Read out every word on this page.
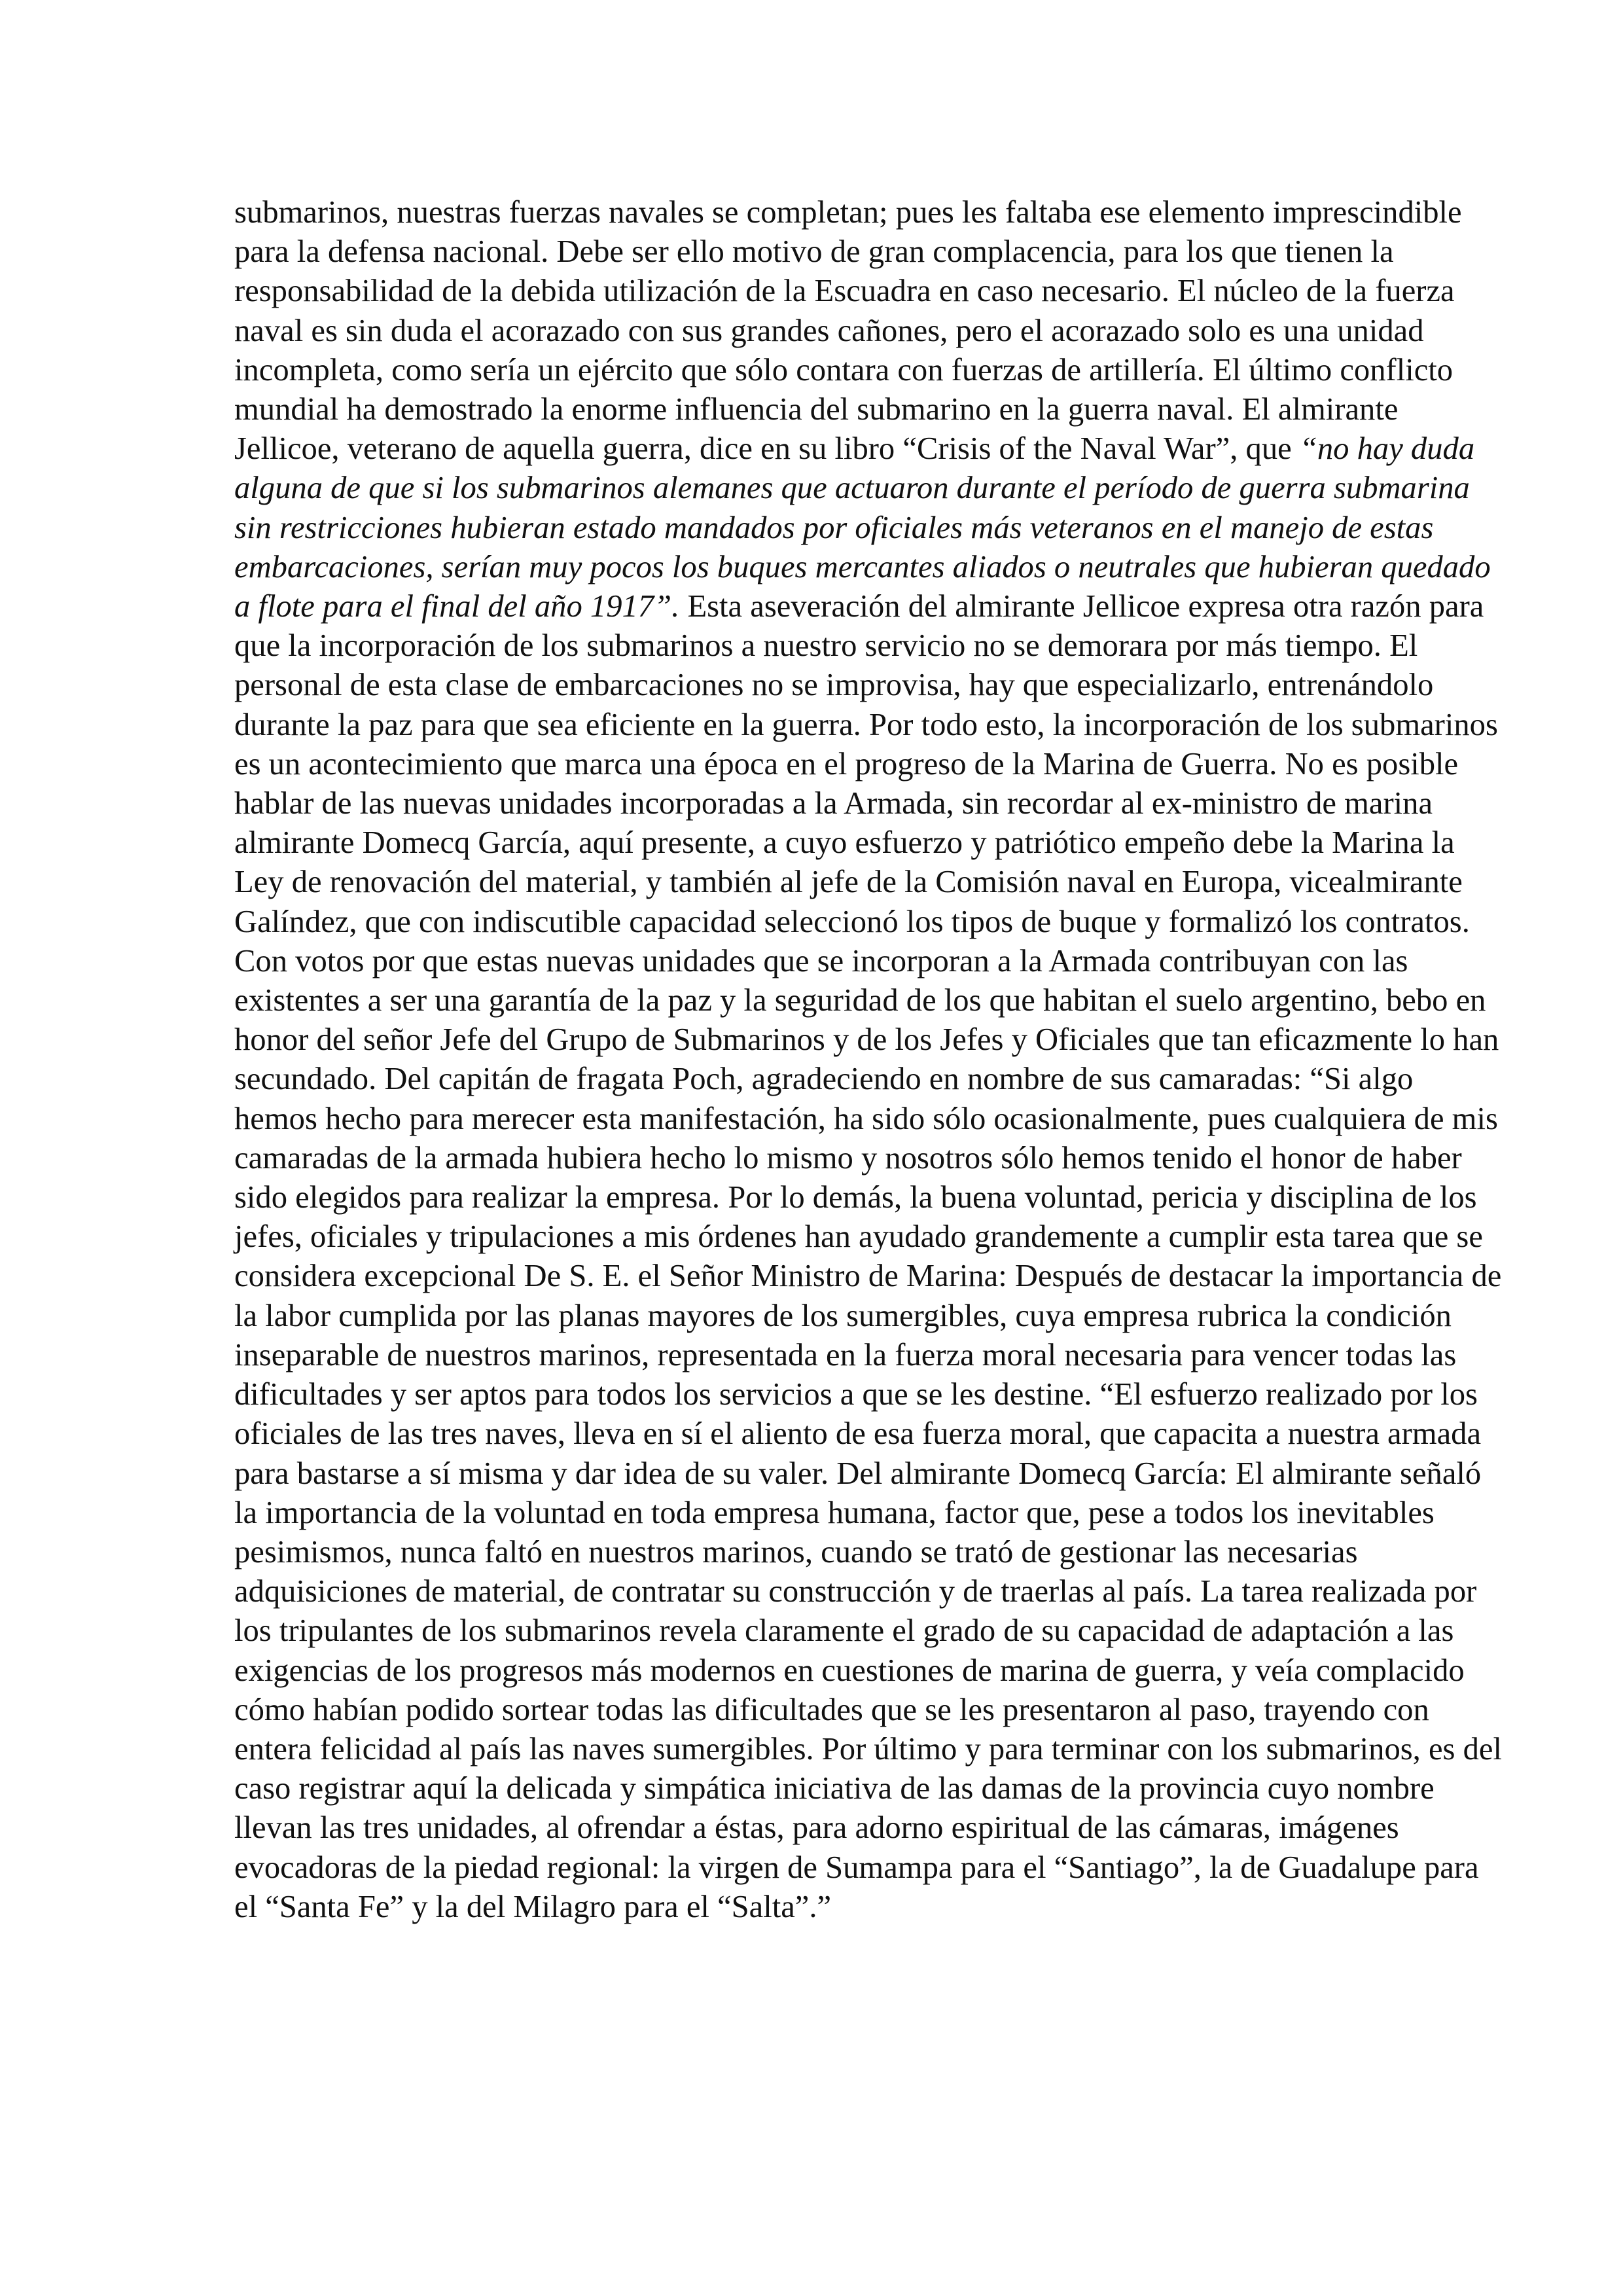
submarinos, nuestras fuerzas navales se completan; pues les faltaba ese elemento imprescindible para la defensa nacional. Debe ser ello motivo de gran complacencia, para los que tienen la responsabilidad de la debida utilización de la Escuadra en caso necesario. El núcleo de la fuerza naval es sin duda el acorazado con sus grandes cañones, pero el acorazado solo es una unidad incompleta, como sería un ejército que sólo contara con fuerzas de artillería. El último conflicto mundial ha demostrado la enorme influencia del submarino en la guerra naval. El almirante Jellicoe, veterano de aquella guerra, dice en su libro “Crisis of the Naval War”, que “no hay duda alguna de que si los submarinos alemanes que actuaron durante el período de guerra submarina sin restricciones hubieran estado mandados por oficiales más veteranos en el manejo de estas embarcaciones, serían muy pocos los buques mercantes aliados o neutrales que hubieran quedado a flote para el final del año 1917”. Esta aseveración del almirante Jellicoe expresa otra razón para que la incorporación de los submarinos a nuestro servicio no se demorara por más tiempo. El personal de esta clase de embarcaciones no se improvisa, hay que especializarlo, entrenándolo durante la paz para que sea eficiente en la guerra. Por todo esto, la incorporación de los submarinos es un acontecimiento que marca una época en el progreso de la Marina de Guerra. No es posible hablar de las nuevas unidades incorporadas a la Armada, sin recordar al ex-ministro de marina almirante Domecq García, aquí presente, a cuyo esfuerzo y patriótico empeño debe la Marina la Ley de renovación del material, y también al jefe de la Comisión naval en Europa, vicealmirante Galíndez, que con indiscutible capacidad seleccionó los tipos de buque y formalizó los contratos.

Con votos por que estas nuevas unidades que se incorporan a la Armada contribuyan con las existentes a ser una garantía de la paz y la seguridad de los que habitan el suelo argentino, bebo en honor del señor Jefe del Grupo de Submarinos y de los Jefes y Oficiales que tan eficazmente lo han secundado. Del capitán de fragata Poch, agradeciendo en nombre de sus camaradas: “Si algo hemos hecho para merecer esta manifestación, ha sido sólo ocasionalmente, pues cualquiera de mis camaradas de la armada hubiera hecho lo mismo y nosotros sólo hemos tenido el honor de haber sido elegidos para realizar la empresa. Por lo demás, la buena voluntad, pericia y disciplina de los jefes, oficiales y tripulaciones a mis órdenes han ayudado grandemente a cumplir esta tarea que se considera excepcional De S. E. el Señor Ministro de Marina: Después de destacar la importancia de la labor cumplida por las planas mayores de los sumergibles, cuya empresa rubrica la condición inseparable de nuestros marinos, representada en la fuerza moral necesaria para vencer todas las dificultades y ser aptos para todos los servicios a que se les destine. “El esfuerzo realizado por los oficiales de las tres naves, lleva en sí el aliento de esa fuerza moral, que capacita a nuestra armada para bastarse a sí misma y dar idea de su valer. Del almirante Domecq García: El almirante señaló la importancia de la voluntad en toda empresa humana, factor que, pese a todos los inevitables pesimismos, nunca faltó en nuestros marinos, cuando se trató de gestionar las necesarias adquisiciones de material, de contratar su construcción y de traerlas al país. La tarea realizada por los tripulantes de los submarinos revela claramente el grado de su capacidad de adaptación a las exigencias de los progresos más modernos en cuestiones de marina de guerra, y veía complacido cómo habían podido sortear todas las dificultades que se les presentaron al paso, trayendo con entera felicidad al país las naves sumergibles. Por último y para terminar con los submarinos, es del caso registrar aquí la delicada y simpática iniciativa de las damas de la provincia cuyo nombre llevan las tres unidades, al ofrendar a éstas, para adorno espiritual de las cámaras, imágenes evocadoras de la piedad regional: la virgen de Sumampa para el “Santiago”, la de Guadalupe para el “Santa Fe” y la del Milagro para el “Salta”.”
